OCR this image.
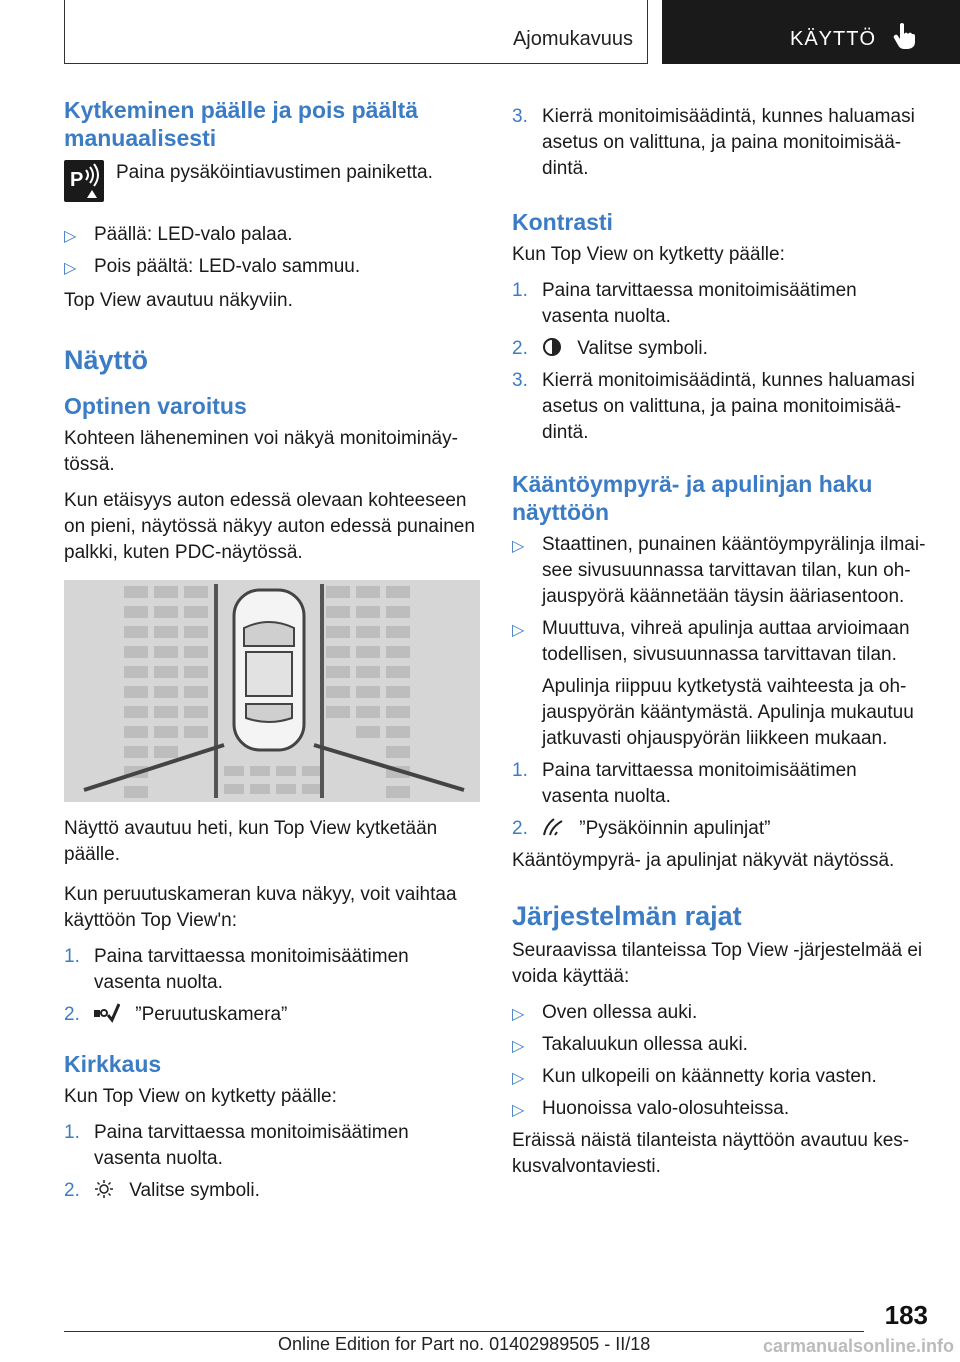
Ajomukavuus	KÄYTTÖ
Kytkeminen päälle ja pois päältä manuaalisesti
P Paina pysäköintiavustimen painiketta.
▷ Päällä: LED-valo palaa.
▷ Pois päältä: LED-valo sammuu.

Top View avautuu näkyviin.

Näyttö
Optinen varoitus

Kohteen läheneminen voi näkyä monitoiminäytössä.

Kun etäisyys auton edessä olevaan kohteeseen on pieni, näytössä näkyy auton edessä punainen palkki, kuten PDC-näytössä.

Näyttö avautuu heti, kun Top View kytketään päälle.

Kun peruutuskameran kuva näkyy, voit vaihtaa käyttöön Top View'n:

1. Paina tarvittaessa monitoimisäätimen vasenta nuolta.
2.	”Peruutuskamera”
Kirkkaus

Kun Top View on kytketty päälle:

1. Paina tarvittaessa monitoimisäätimen vasenta nuolta.
2.	Valitse symboli.
3. Kierrä monitoimisäädintä, kunnes haluamasi asetus on valittuna, ja paina monitoimisäädintä.
Kontrasti

Kun Top View on kytketty päälle:

1. Paina tarvittaessa monitoimisäätimen vasenta nuolta.
2.	Valitse symboli.
3. Kierrä monitoimisäädintä, kunnes haluamasi asetus on valittuna, ja paina monitoimisäädintä.
Kääntöympyrä- ja apulinjan haku näyttöön
▷ Staattinen, punainen kääntöympyrälinja ilmaisee sivusuunnassa tarvittavan tilan, kun ohjauspyörä käännetään täysin ääriasentoon.
▷ Muuttuva, vihreä apulinja auttaa arvioimaan todellisen, sivusuunnassa tarvittavan tilan.
Apulinja riippuu kytketystä vaihteesta ja ohjauspyörän kääntymästä. Apulinja mukautuu jatkuvasti ohjauspyörän liikkeen mukaan.
1. Paina tarvittaessa monitoimisäätimen vasenta nuolta.
2.	”Pysäköinnin apulinjat”

Kääntöympyrä- ja apulinjat näkyvät näytössä.

Järjestelmän rajat

Seuraavissa tilanteissa Top View -järjestelmää ei voida käyttää:

▷ Oven ollessa auki.
▷ Takaluukun ollessa auki.
▷ Kun ulkopeili on käännetty koria vasten.
▷ Huonoissa valo-olosuhteissa.

Eräissä näistä tilanteista näyttöön avautuu keskusvalvontaviesti.

183
Online Edition for Part no. 01402989505 - II/18	carmanualsonline.info
